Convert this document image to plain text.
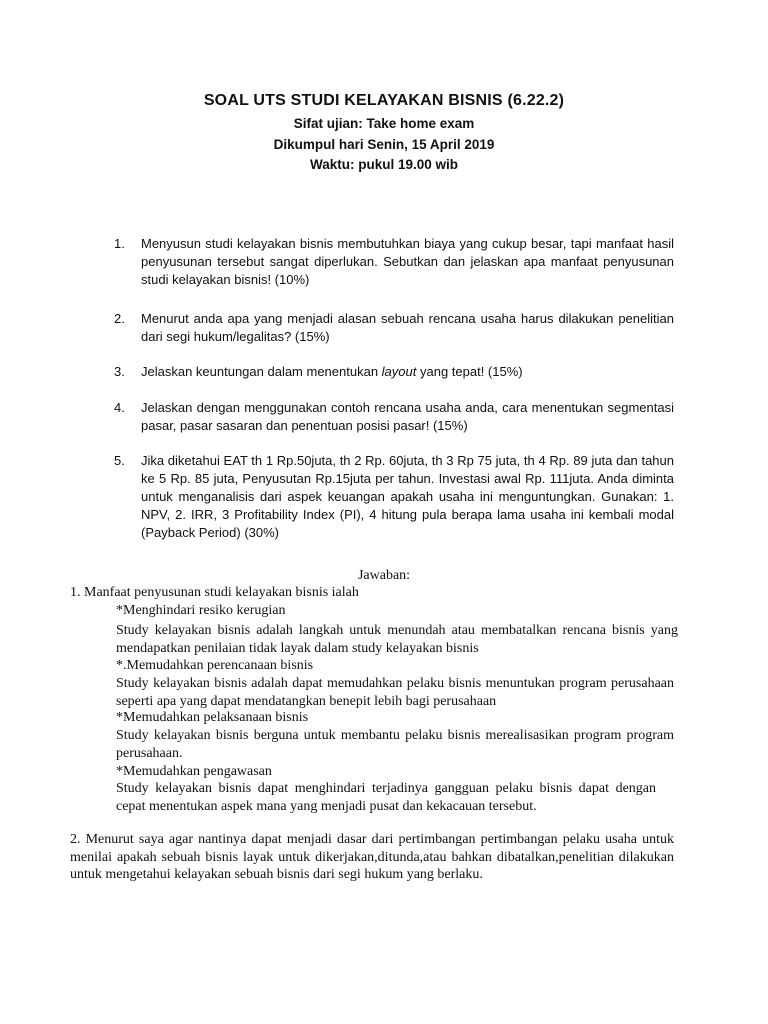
SOAL UTS STUDI KELAYAKAN BISNIS (6.22.2)
Sifat ujian: Take home exam
Dikumpul hari Senin, 15 April 2019
Waktu: pukul 19.00 wib
1. Menyusun studi kelayakan bisnis membutuhkan biaya yang cukup besar, tapi manfaat hasil penyusunan tersebut sangat diperlukan. Sebutkan dan jelaskan apa manfaat penyusunan studi kelayakan bisnis! (10%)
2. Menurut anda apa yang menjadi alasan sebuah rencana usaha harus dilakukan penelitian dari segi hukum/legalitas? (15%)
3. Jelaskan keuntungan dalam menentukan layout yang tepat! (15%)
4. Jelaskan dengan menggunakan contoh rencana usaha anda, cara menentukan segmentasi pasar, pasar sasaran dan penentuan posisi pasar! (15%)
5. Jika diketahui EAT th 1 Rp.50juta, th 2 Rp. 60juta, th 3 Rp 75 juta, th 4 Rp. 89 juta dan tahun ke 5 Rp. 85 juta, Penyusutan Rp.15juta per tahun. Investasi awal Rp. 111juta. Anda diminta untuk menganalisis dari aspek keuangan apakah usaha ini menguntungkan. Gunakan: 1. NPV, 2. IRR, 3 Profitability Index (PI), 4 hitung pula berapa lama usaha ini kembali modal (Payback Period) (30%)
Jawaban:
1. Manfaat penyusunan studi kelayakan bisnis ialah
*Menghindari resiko kerugian
Study kelayakan bisnis adalah langkah untuk menundah atau membatalkan rencana bisnis yang mendapatkan penilaian tidak layak dalam study kelayakan bisnis
*.Memudahkan perencanaan bisnis
Study kelayakan bisnis adalah dapat memudahkan pelaku bisnis menuntukan program perusahaan seperti apa yang dapat mendatangkan benepit lebih bagi perusahaan
*Memudahkan pelaksanaan bisnis
Study kelayakan bisnis berguna untuk membantu pelaku bisnis merealisasikan program program perusahaan.
*Memudahkan pengawasan
Study kelayakan bisnis dapat menghindari terjadinya gangguan pelaku bisnis dapat dengan cepat menentukan aspek mana yang menjadi pusat dan kekacauan tersebut.
2. Menurut saya agar nantinya dapat menjadi dasar dari pertimbangan pertimbangan pelaku usaha untuk menilai apakah sebuah bisnis layak untuk dikerjakan,ditunda,atau bahkan dibatalkan,penelitian dilakukan untuk mengetahui kelayakan sebuah bisnis dari segi hukum yang berlaku.
